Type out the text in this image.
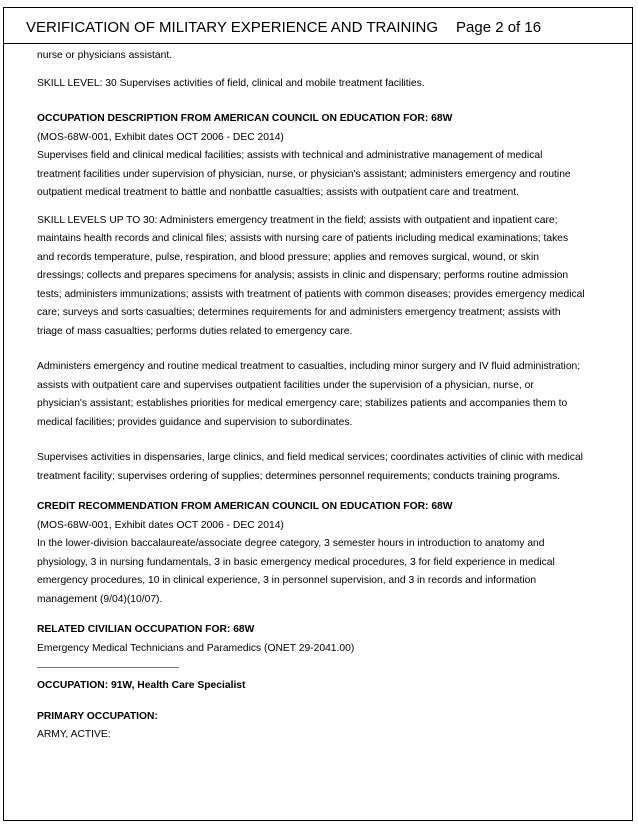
VERIFICATION OF MILITARY EXPERIENCE AND TRAINING Page 2 of 16

nurse or physicians assistant.

SKILL LEVEL: 30 Supervises activities of field, clinical and mobile treatment facilities.

OCCUPATION DESCRIPTION FROM AMERICAN COUNCIL ON EDUCATION FOR: 68W

(MOS-68W-001, Exhibit dates OCT 2006 - DEC 2014)

Supervises field and clinical medical facilities; assists with technical and administrative management of medical

treatment facilities under supervision of physician, nurse, or physician's assistant; administers emergency and routine

outpatient medical treatment to battle and nonbattle casualties; assists with outpatient care and treatment.

SKILL LEVELS UP TO 30: Administers emergency treatment in the field; assists with outpatient and inpatient care;

maintains health records and clinical files; assists with nursing care of patients including medical examinations; takes

and records temperature, pulse, respiration, and blood pressure; applies and removes surgical, wound, or skin

dressings; collects and prepares specimens for analysis; assists in clinic and dispensary; performs routine admission

tests; administers immunizations; assists with treatment of patients with common diseases; provides emergency medical

care; surveys and sorts casualties; determines requirements for and administers emergency treatment; assists with

triage of mass casualties; performs duties related to emergency care.

Administers emergency and routine medical treatment to casualties, including minor surgery and IV fluid administration;

assists with outpatient care and supervises outpatient facilities under the supervision of a physician, nurse, or

physician's assistant; establishes priorities for medical emergency care; stabilizes patients and accompanies them to

medical facilities; provides guidance and supervision to subordinates.

Supervises activities in dispensaries, large clinics, and field medical services; coordinates activities of clinic with medical

treatment facility; supervises ordering of supplies; determines personnel requirements; conducts training programs.

CREDIT RECOMMENDATION FROM AMERICAN COUNCIL ON EDUCATION FOR: 68W

(MOS-68W-001, Exhibit dates OCT 2006 - DEC 2014)

In the lower-division baccalaureate/associate degree category, 3 semester hours in introduction to anatomy and

physiology, 3 in nursing fundamentals, 3 in basic emergency medical procedures, 3 for field experience in medical

emergency procedures, 10 in clinical experience, 3 in personnel supervision, and 3 in records and information

management (9/04)(10/07).

RELATED CIVILIAN OCCUPATION FOR: 68W

Emergency Medical Technicians and Paramedics (ONET 29-2041.00)

OCCUPATION: 91W, Health Care Specialist

PRIMARY OCCUPATION:

ARMY, ACTIVE:
